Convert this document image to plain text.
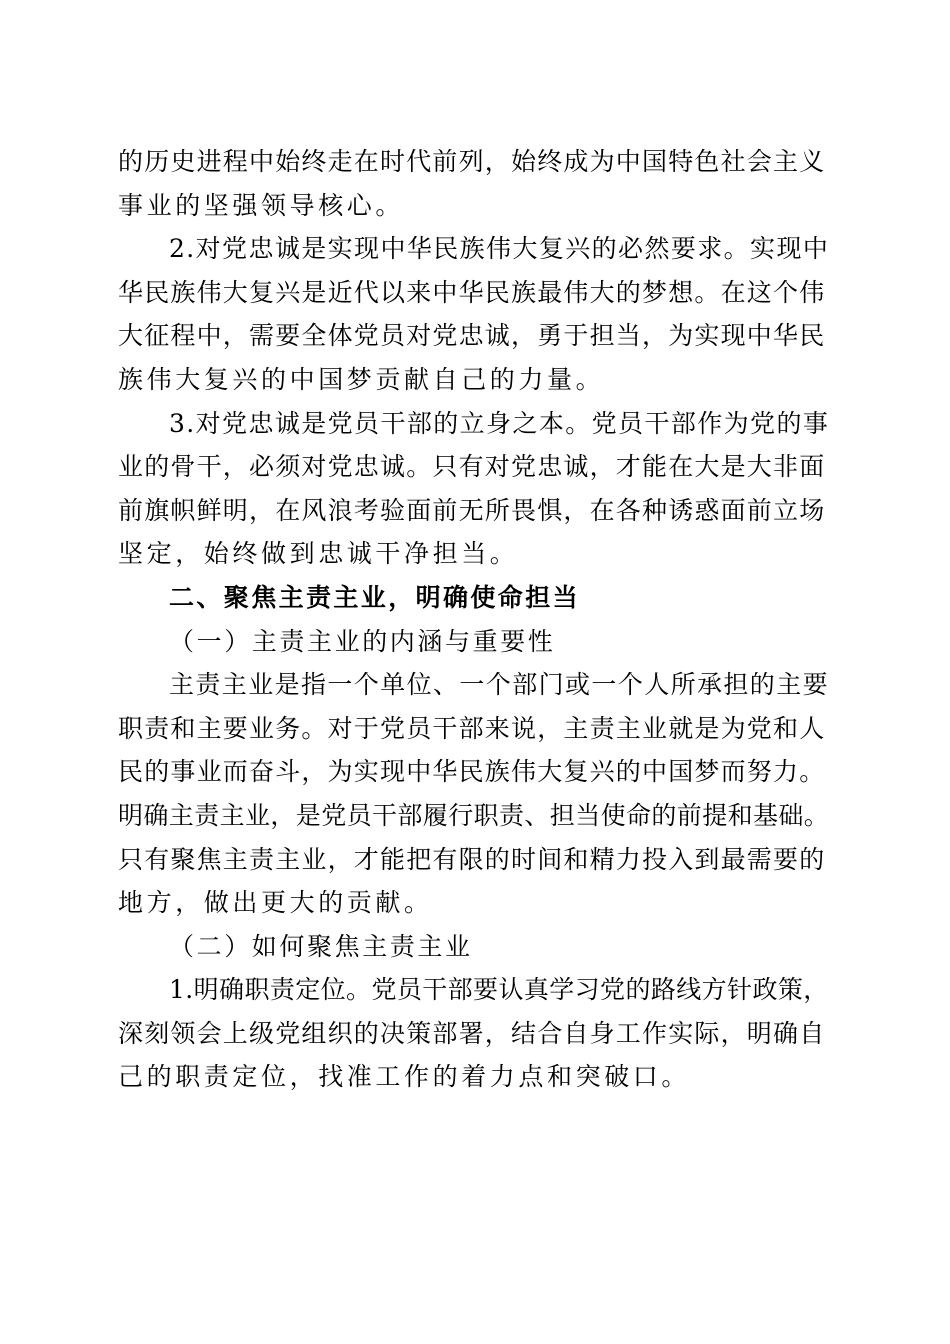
的历史进程中始终走在时代前列，始终成为中国特色社会主义
事业的坚强领导核心。
2.对党忠诚是实现中华民族伟大复兴的必然要求。实现中
华民族伟大复兴是近代以来中华民族最伟大的梦想。在这个伟
大征程中，需要全体党员对党忠诚，勇于担当，为实现中华民
族伟大复兴的中国梦贡献自己的力量。
3.对党忠诚是党员干部的立身之本。党员干部作为党的事
业的骨干，必须对党忠诚。只有对党忠诚，才能在大是大非面
前旗帜鲜明，在风浪考验面前无所畏惧，在各种诱惑面前立场
坚定，始终做到忠诚干净担当。
二、聚焦主责主业，明确使命担当
（一）主责主业的内涵与重要性
主责主业是指一个单位、一个部门或一个人所承担的主要
职责和主要业务。对于党员干部来说，主责主业就是为党和人
民的事业而奋斗，为实现中华民族伟大复兴的中国梦而努力。
明确主责主业，是党员干部履行职责、担当使命的前提和基础。
只有聚焦主责主业，才能把有限的时间和精力投入到最需要的
地方，做出更大的贡献。
（二）如何聚焦主责主业
1.明确职责定位。党员干部要认真学习党的路线方针政策，
深刻领会上级党组织的决策部署，结合自身工作实际，明确自
己的职责定位，找准工作的着力点和突破口。
